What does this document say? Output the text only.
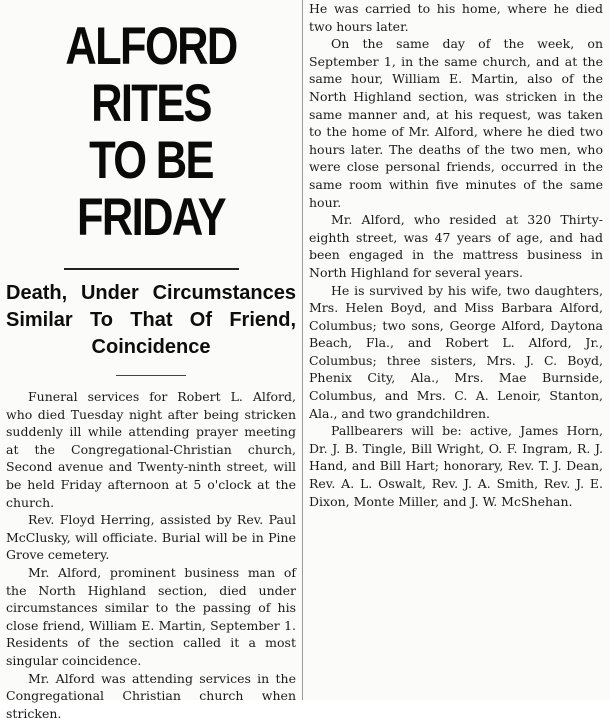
ALFORD RITES
TO BE FRIDAY
Death, Under Circumstances Similar To That Of Friend, Coincidence

Funeral services for Robert L. Alford, who died Tuesday night after being stricken suddenly ill while attending prayer meeting at the Congregational-Christian church, Second avenue and Twenty-ninth street, will be held Friday afternoon at 5 o'clock at the church.

Rev. Floyd Herring, assisted by Rev. Paul McClusky, will officiate. Burial will be in Pine Grove cemetery.

Mr. Alford, prominent business man of the North Highland section, died under circumstances similar to the passing of his close friend, William E. Martin, September 1. Residents of the section called it a most singular coincidence.

Mr. Alford was attending services in the Congregational Christian church when stricken.

He was carried to his home, where he died two hours later.

On the same day of the week, on September 1, in the same church, and at the same hour, William E. Martin, also of the North Highland section, was stricken in the same manner and, at his request, was taken to the home of Mr. Alford, where he died two hours later. The deaths of the two men, who were close personal friends, occurred in the same room within five minutes of the same hour.

Mr. Alford, who resided at 320 Thirty-eighth street, was 47 years of age, and had been engaged in the mattress business in North Highland for several years.

He is survived by his wife, two daughters, Mrs. Helen Boyd, and Miss Barbara Alford, Columbus; two sons, George Alford, Daytona Beach, Fla., and Robert L. Alford, Jr., Columbus; three sisters, Mrs. J. C. Boyd, Phenix City, Ala., Mrs. Mae Burnside, Columbus, and Mrs. C. A. Lenoir, Stanton, Ala., and two grandchildren.

Pallbearers will be: active, James Horn, Dr. J. B. Tingle, Bill Wright, O. F. Ingram, R. J. Hand, and Bill Hart; honorary, Rev. T. J. Dean, Rev. A. L. Oswalt, Rev. J. A. Smith, Rev. J. E. Dixon, Monte Miller, and J. W. McShehan.
